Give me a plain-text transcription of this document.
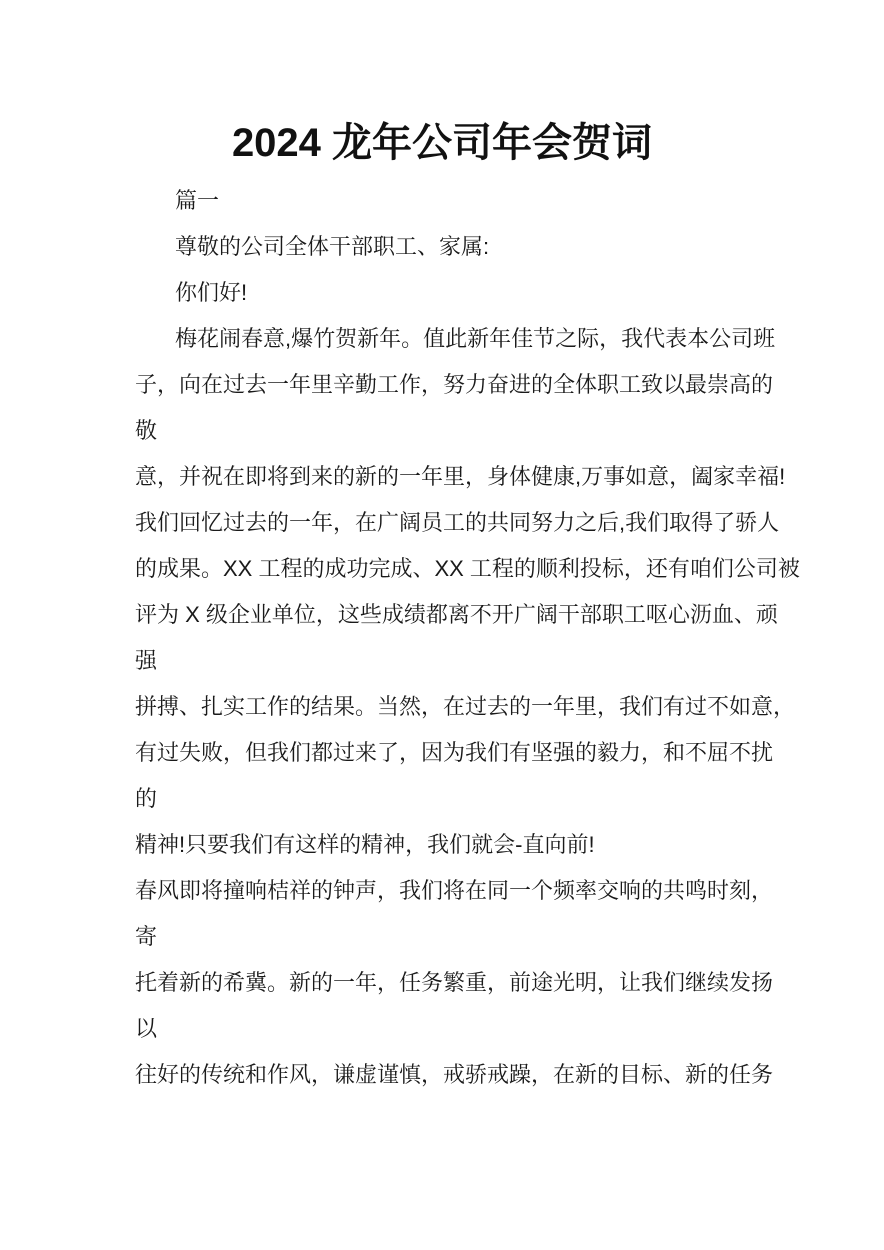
2024 龙年公司年会贺词
篇一
尊敬的公司全体干部职工、家属:
你们好!
梅花闹春意,爆竹贺新年。值此新年佳节之际，我代表本公司班
子，向在过去一年里辛勤工作，努力奋进的全体职工致以最崇高的
敬
意，并祝在即将到来的新的一年里，身体健康,万事如意，阖家幸福!
我们回忆过去的一年，在广阔员工的共同努力之后,我们取得了骄人
的成果。XX 工程的成功完成、XX 工程的顺利投标，还有咱们公司被
评为 X 级企业单位，这些成绩都离不开广阔干部职工呕心沥血、顽
强
拼搏、扎实工作的结果。当然，在过去的一年里，我们有过不如意，
有过失败，但我们都过来了，因为我们有坚强的毅力，和不屈不扰
的
精神!只要我们有这样的精神，我们就会-直向前!
春风即将撞响桔祥的钟声，我们将在同一个频率交响的共鸣时刻，
寄
托着新的希冀。新的一年，任务繁重，前途光明，让我们继续发扬
以
往好的传统和作风，谦虚谨慎，戒骄戒躁，在新的目标、新的任务
